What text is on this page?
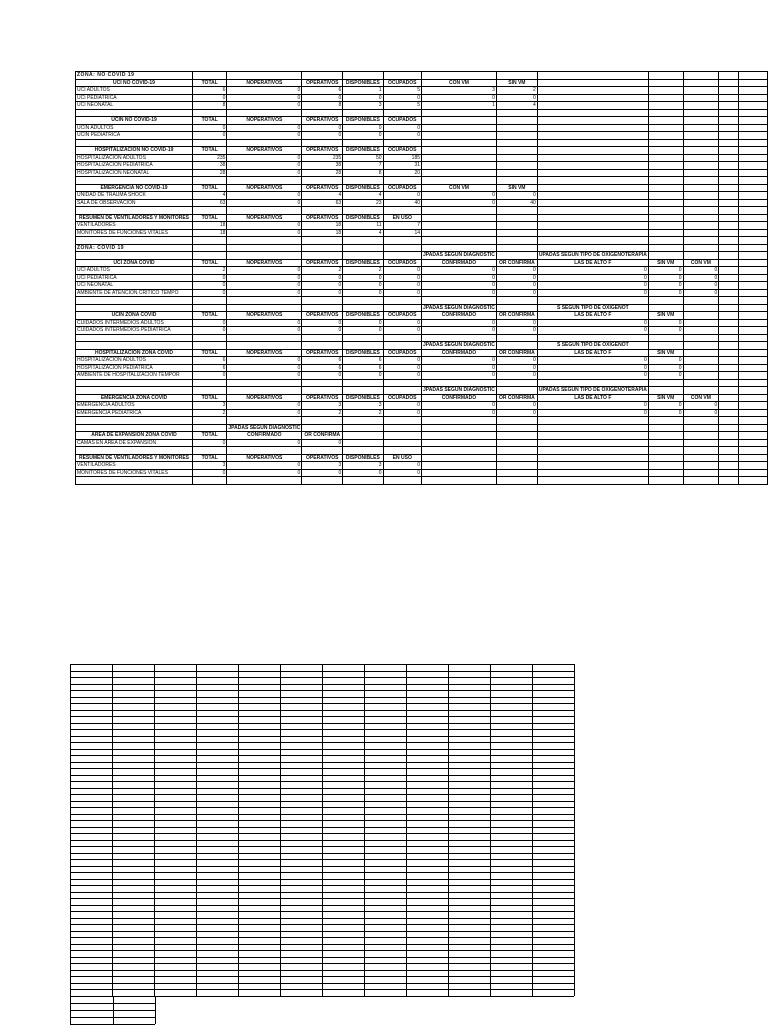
ZONA: NO COVID 19												
UCI NO COVID-19	TOTAL	NOPERATIVOS	OPERATIVOS	DISPONIBLES	OCUPADOS	CON VM	SIN VM					
UCI ADULTOS	6	0	6	1	5	3	2					
UCI PEDIATRICA	0	0	0	0	0	0	0					
UCI NEONATAL	8	0	8	3	5	1	4					

UCIN NO COVID-19	TOTAL	NOPERATIVOS	OPERATIVOS	DISPONIBLES	OCUPADOS							
UCIN ADULTOS	0	0	0	0	0							
UCIN PEDIATRICA	0	0	0	0	0							

HOSPITALIZACION NO COVID-19	TOTAL	NOPERATIVOS	OPERATIVOS	DISPONIBLES	OCUPADOS							
HOSPITALIZACION ADULTOS	235	0	235	50	185							
HOSPITALIZACION PEDIATRICA	38	0	38	7	31							
HOSPITALIZACION NEONATAL	28	0	28	8	20							

EMERGENCIA NO COVID-19	TOTAL	NOPERATIVOS	OPERATIVOS	DISPONIBLES	OCUPADOS	CON VM	SIN VM					
UNIDAD DE TRAUMA SHOCK	4	0	4	4	0	0	0					
SALA DE OBSERVACION	63	0	63	23	40	0	40					

RESUMEN DE VENTILADORES Y MONITORES	TOTAL	NOPERATIVOS	OPERATIVOS	DISPONIBLES	EN USO							
VENTILADORES	18	0	18	11	7							
MONITORES DE FUNCIONES VITALES	18	0	18	4	14							

ZONA: COVID 19												
						JPADAS SEGUN DIAGNOSTIC		UPADAS SEGUN TIPO DE OXIGENOTERAPIA				
UCI ZONA COVID	TOTAL	NOPERATIVOS	OPERATIVOS	DISPONIBLES	OCUPADOS	CONFIRMADO	OR CONFIRMA	LAS DE ALTO F	SIN VM	CON VM		
UCI ADULTOS	2	0	2	2	0	0	0	0	0	0		
UCI PEDIATRICA	0	0	0	0	0	0	0	0	0	0		
UCI NEONATAL	0	0	0	0	0	0	0	0	0	0		
AMBIENTE DE ATENCION CRITICO TEMPO	0	0	0	0	0	0	0	0	0	0		

						JPADAS SEGUN DIAGNOSTIC		S SEGUN TIPO DE OXIGENOT				
UCIN ZONA COVID	TOTAL	NOPERATIVOS	OPERATIVOS	DISPONIBLES	OCUPADOS	CONFIRMADO	OR CONFIRMA	LAS DE ALTO F	SIN VM			
CUIDADOS INTERMEDIOS ADULTOS	0	0	0	0	0	0	0	0	0			
CUIDADOS INTERMEDIOS PEDIATRICA	0	0	0	0	0	0	0	0	0			

						JPADAS SEGUN DIAGNOSTIC		S SEGUN TIPO DE OXIGENOT				
HOSPITALIZACION ZONA COVID	TOTAL	NOPERATIVOS	OPERATIVOS	DISPONIBLES	OCUPADOS	CONFIRMADO	OR CONFIRMA	LAS DE ALTO F	SIN VM			
HOSPITALIZACION ADULTOS	6	0	6	6	0	0	0	0	0			
HOSPITALIZACION PEDIATRICA	6	0	6	6	0	0	0	0	0			
AMBIENTE DE HOSPITALIZACION TEMPOR	0	0	0	0	0	0	0	0	0			

						JPADAS SEGUN DIAGNOSTIC		UPADAS SEGUN TIPO DE OXIGENOTERAPIA				
EMERGENCIA ZONA COVID	TOTAL	NOPERATIVOS	OPERATIVOS	DISPONIBLES	OCUPADOS	CONFIRMADO	OR CONFIRMA	LAS DE ALTO F	SIN VM	CON VM		
EMERGENCIA ADULTOS	3	0	3	3	0	0	0	0	0	0		
EMERGENCIA PEDIATRICA	2	0	2	2	0	0	0	0	0	0		

		JPADAS SEGUN DIAGNOSTIC										
AREA DE EXPANSION ZONA COVID	TOTAL	CONFIRMADO	OR CONFIRMA									
CAMAS EN AREA DE EXPANSION	0	0	0									

RESUMEN DE VENTILADORES Y MONITORES	TOTAL	NOPERATIVOS	OPERATIVOS	DISPONIBLES	EN USO							
VENTILADORES	3	0	3	3	0							
MONITORES DE FUNCIONES VITALES	0	0	0	0	0							
